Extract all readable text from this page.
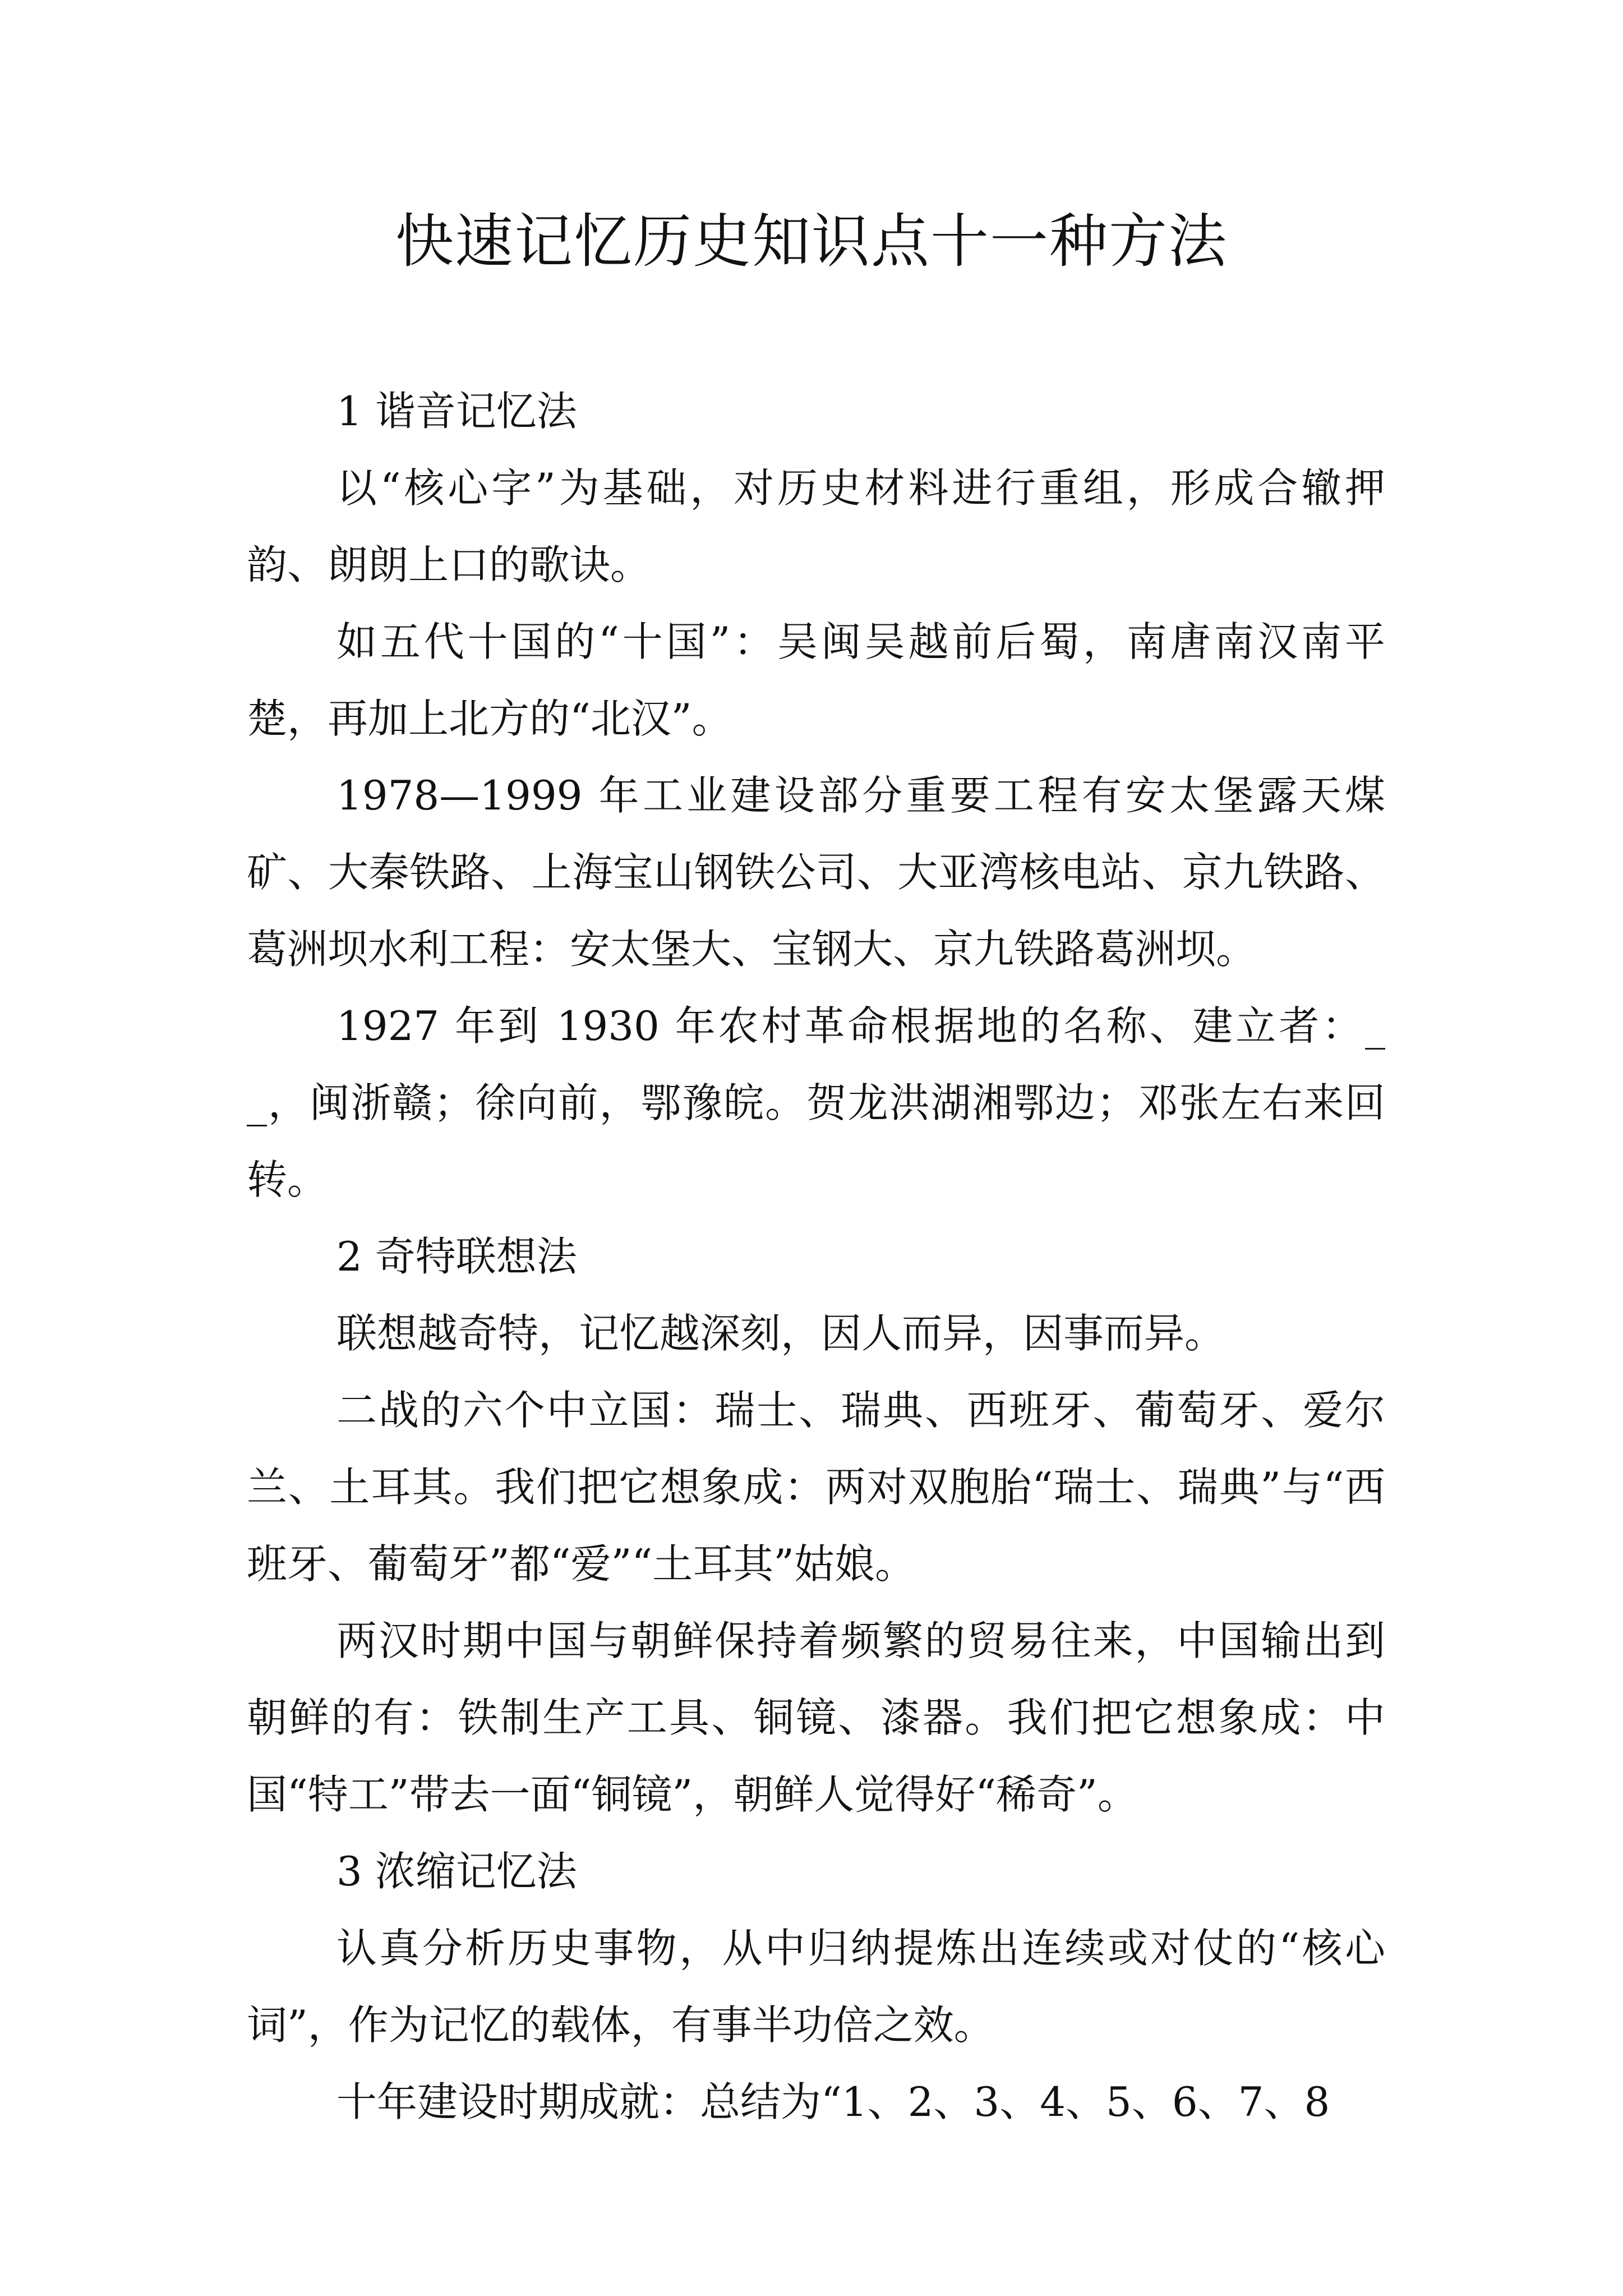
快速记忆历史知识点十一种方法

1 谐音记忆法

以“核心字”为基础，对历史材料进行重组，形成合辙押韵、朗朗上口的歌诀。

如五代十国的“十国”：吴闽吴越前后蜀，南唐南汉南平楚，再加上北方的“北汉”。

1978—1999 年工业建设部分重要工程有安太堡露天煤矿、大秦铁路、上海宝山钢铁公司、大亚湾核电站、京九铁路、葛洲坝水利工程：安太堡大、宝钢大、京九铁路葛洲坝。

1927 年到 1930 年农村革命根据地的名称、建立者：__，闽浙赣；徐向前，鄂豫皖。贺龙洪湖湘鄂边；邓张左右来回转。

2 奇特联想法

联想越奇特，记忆越深刻，因人而异，因事而异。

二战的六个中立国：瑞士、瑞典、西班牙、葡萄牙、爱尔兰、土耳其。我们把它想象成：两对双胞胎“瑞士、瑞典”与“西班牙、葡萄牙”都“爱”“土耳其”姑娘。

两汉时期中国与朝鲜保持着频繁的贸易往来，中国输出到朝鲜的有：铁制生产工具、铜镜、漆器。我们把它想象成：中国“特工”带去一面“铜镜”，朝鲜人觉得好“稀奇”。

3 浓缩记忆法

认真分析历史事物，从中归纳提炼出连续或对仗的“核心词”，作为记忆的载体，有事半功倍之效。

十年建设时期成就：总结为“1、2、3、4、5、6、7、8
